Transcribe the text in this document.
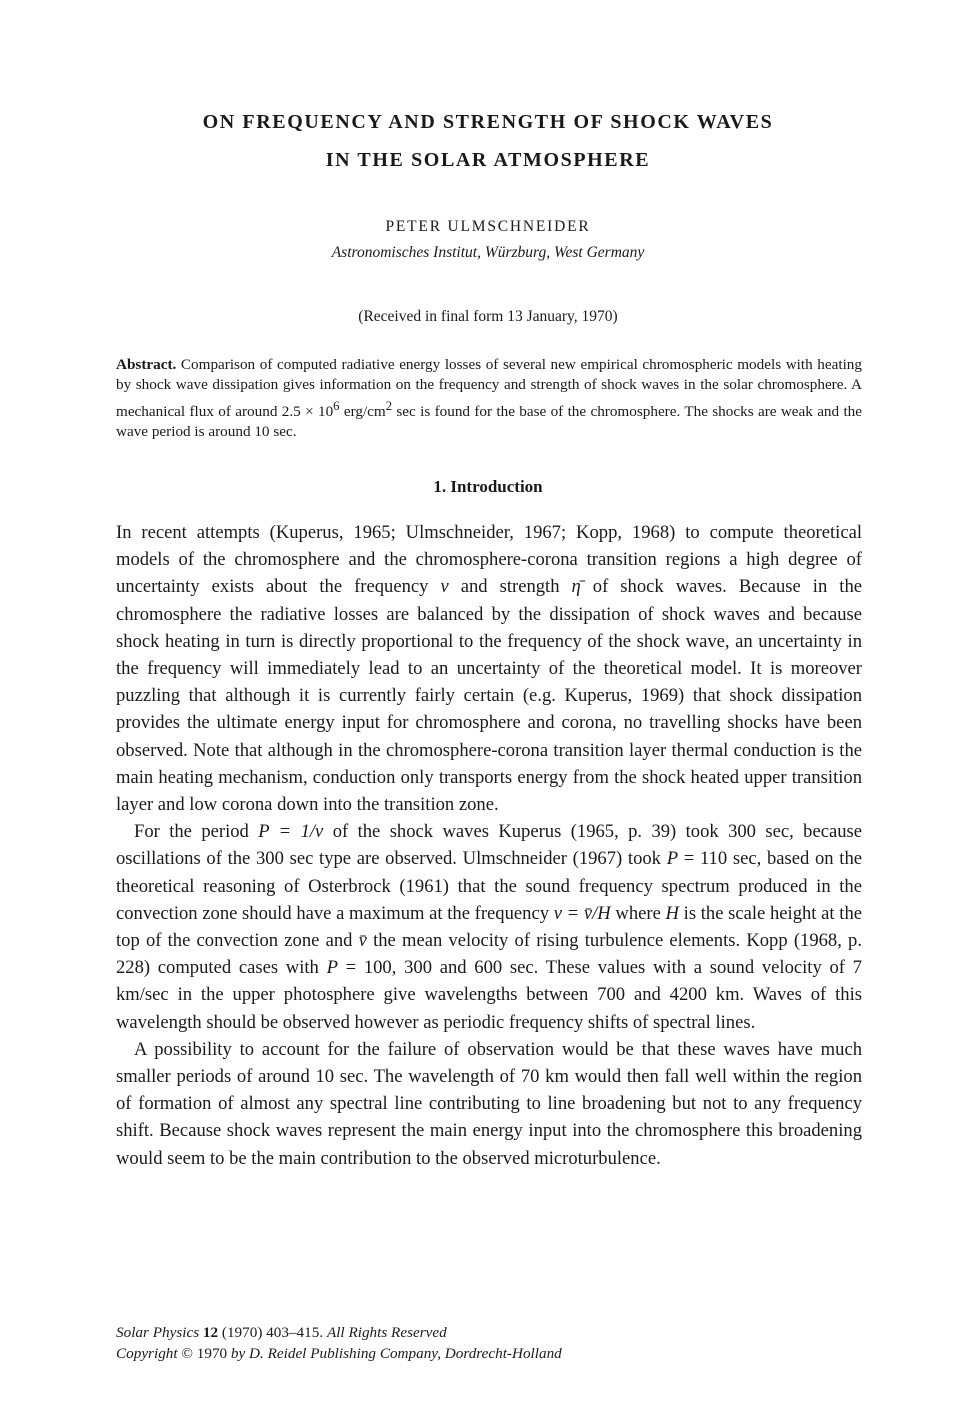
ON FREQUENCY AND STRENGTH OF SHOCK WAVES
IN THE SOLAR ATMOSPHERE
PETER ULMSCHNEIDER
Astronomisches Institut, Würzburg, West Germany
(Received in final form 13 January, 1970)
Abstract. Comparison of computed radiative energy losses of several new empirical chromospheric models with heating by shock wave dissipation gives information on the frequency and strength of shock waves in the solar chromosphere. A mechanical flux of around $2.5 \times 10^6$ erg/$cm^2$ sec is found for the base of the chromosphere. The shocks are weak and the wave period is around 10 sec.
1. Introduction

In recent attempts (Kuperus, 1965; Ulmschneider, 1967; Kopp, 1968) to compute theoretical models of the chromosphere and the chromosphere-corona transition regions a high degree of uncertainty exists about the frequency ν and strength η̄ of shock waves. Because in the chromosphere the radiative losses are balanced by the dissipation of shock waves and because shock heating in turn is directly proportional to the frequency of the shock wave, an uncertainty in the frequency will immediately lead to an uncertainty of the theoretical model. It is moreover puzzling that although it is currently fairly certain (e.g. Kuperus, 1969) that shock dissipation provides the ultimate energy input for chromosphere and corona, no travelling shocks have been observed. Note that although in the chromosphere-corona transition layer thermal conduction is the main heating mechanism, conduction only transports energy from the shock heated upper transition layer and low corona down into the transition zone.

For the period P = 1/ν of the shock waves Kuperus (1965, p. 39) took 300 sec, because oscillations of the 300 sec type are observed. Ulmschneider (1967) took P = 110 sec, based on the theoretical reasoning of Osterbrock (1961) that the sound frequency spectrum produced in the convection zone should have a maximum at the frequency ν = v̄/H where H is the scale height at the top of the convection zone and v̄ the mean velocity of rising turbulence elements. Kopp (1968, p. 228) computed cases with P = 100, 300 and 600 sec. These values with a sound velocity of 7 km/sec in the upper photosphere give wavelengths between 700 and 4200 km. Waves of this wavelength should be observed however as periodic frequency shifts of spectral lines.

A possibility to account for the failure of observation would be that these waves have much smaller periods of around 10 sec. The wavelength of 70 km would then fall well within the region of formation of almost any spectral line contributing to line broadening but not to any frequency shift. Because shock waves represent the main energy input into the chromosphere this broadening would seem to be the main contribution to the observed microturbulence.

Solar Physics 12 (1970) 403–415. All Rights Reserved
Copyright © 1970 by D. Reidel Publishing Company, Dordrecht-Holland
